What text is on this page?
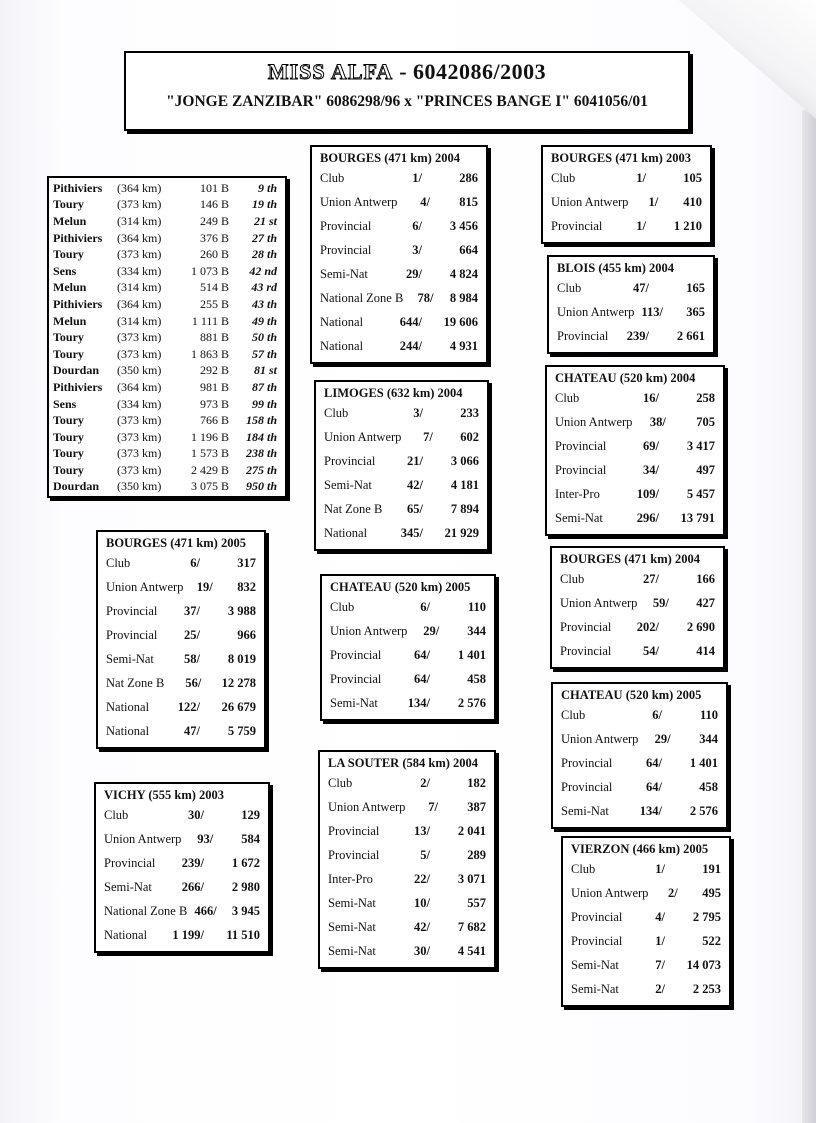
MISS ALFA - 6042086/2003
"JONGE ZANZIBAR" 6086298/96 x "PRINCES BANGE I" 6041056/01
Pithiviers	(364 km)	101 B	9 th
Toury	(373 km)	146 B	19 th
Melun	(314 km)	249 B	21 st
Pithiviers	(364 km)	376 B	27 th
Toury	(373 km)	260 B	28 th
Sens	(334 km)	1 073 B	42 nd
Melun	(314 km)	514 B	43 rd
Pithiviers	(364 km)	255 B	43 th
Melun	(314 km)	1 111 B	49 th
Toury	(373 km)	881 B	50 th
Toury	(373 km)	1 863 B	57 th
Dourdan	(350 km)	292 B	81 st
Pithiviers	(364 km)	981 B	87 th
Sens	(334 km)	973 B	99 th
Toury	(373 km)	766 B	158 th
Toury	(373 km)	1 196 B	184 th
Toury	(373 km)	1 573 B	238 th
Toury	(373 km)	2 429 B	275 th
Dourdan	(350 km)	3 075 B	950 th
BOURGES (471 km) 2004
Club	1/	286
Union Antwerp	4/	815
Provincial	6/	3 456
Provincial	3/	664
Semi-Nat	29/	4 824
National Zone B	78/	8 984
National	644/	19 606
National	244/	4 931
BOURGES (471 km) 2003
Club	1/	105
Union Antwerp	1/	410
Provincial	1/	1 210
BLOIS (455 km) 2004
Club	47/	165
Union Antwerp 113/	365
Provincial	239/	2 661
LIMOGES (632 km) 2004
Club	3/	233
Union Antwerp	7/	602
Provincial	21/	3 066
Semi-Nat	42/	4 181
Nat Zone B	65/	7 894
National	345/	21 929
CHATEAU (520 km) 2004
Club	16/	258
Union Antwerp	38/	705
Provincial	69/	3 417
Provincial	34/	497
Inter-Pro	109/	5 457
Semi-Nat	296/	13 791
BOURGES (471 km) 2005
Club	6/	317
Union Antwerp	19/	832
Provincial	37/	3 988
Provincial	25/	966
Semi-Nat	58/	8 019
Nat Zone B	56/	12 278
National	122/	26 679
National	47/	5 759
CHATEAU (520 km) 2005
Club	6/	110
Union Antwerp	29/	344
Provincial	64/	1 401
Provincial	64/	458
Semi-Nat	134/	2 576
BOURGES (471 km) 2004
Club	27/	166
Union Antwerp	59/	427
Provincial	202/	2 690
Provincial	54/	414
CHATEAU (520 km) 2005
Club	6/	110
Union Antwerp	29/	344
Provincial	64/	1 401
Provincial	64/	458
Semi-Nat	134/	2 576
VICHY (555 km) 2003
Club	30/	129
Union Antwerp	93/	584
Provincial	239/	1 672
Semi-Nat	266/	2 980
National Zone B 466/	3 945
National	1 199/	11 510
LA SOUTER (584 km) 2004
Club	2/	182
Union Antwerp	7/	387
Provincial	13/	2 041
Provincial	5/	289
Inter-Pro	22/	3 071
Semi-Nat	10/	557
Semi-Nat	42/	7 682
Semi-Nat	30/	4 541
VIERZON (466 km) 2005
Club	1/	191
Union Antwerp	2/	495
Provincial	4/	2 795
Provincial	1/	522
Semi-Nat	7/	14 073
Semi-Nat	2/	2 253
